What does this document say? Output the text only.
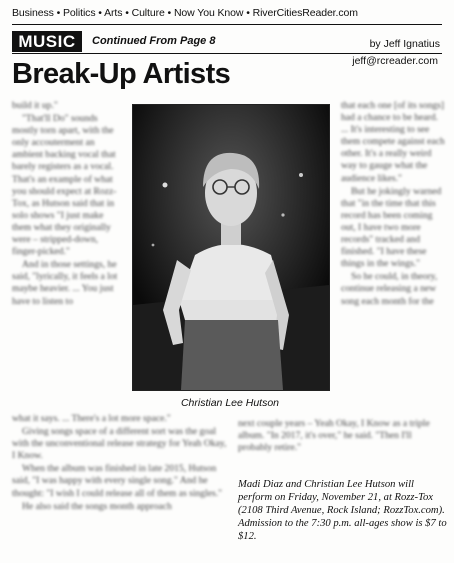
Business • Politics • Arts • Culture • Now You Know • RiverCitiesReader.com
MUSIC	Continued From Page 8	by Jeff Ignatius
jeff@rcreader.com
Break-Up Artists

build it up."

"That'll Do" sounds mostly torn apart, with the only accouterment an ambient backing vocal that barely registers as a vocal. That's an example of what you should expect at Rozz-Tox, as Hutson said that in solo shows "I just make them what they originally were – stripped-down, finger-picked."

And in those settings, he said, "lyrically, it feels a lot maybe heavier. ... You just have to listen to

Christian Lee Hutson

that each one [of its songs] had a chance to be heard. ... It's interesting to see them compete against each other. It's a really weird way to gauge what the audience likes."

But he jokingly warned that "in the time that this record has been coming out, I have two more records" tracked and finished. "I have these things in the wings."

So he could, in theory, continue releasing a new song each month for the

what it says. ... There's a lot more space."

Giving songs space of a different sort was the goal with the unconventional release strategy for Yeah Okay, I Know.

When the album was finished in late 2015, Hutson said, "I was happy with every single song." And he thought: "I wish I could release all of them as singles."

He also said the songs month approach

next couple years – Yeah Okay, I Know as a triple album. "In 2017, it's over," he said. "Then I'll probably retire."

Madi Diaz and Christian Lee Hutson will perform on Friday, November 21, at Rozz-Tox (2108 Third Avenue, Rock Island; RozzTox.com). Admission to the 7:30 p.m. all-ages show is $7 to $12.
